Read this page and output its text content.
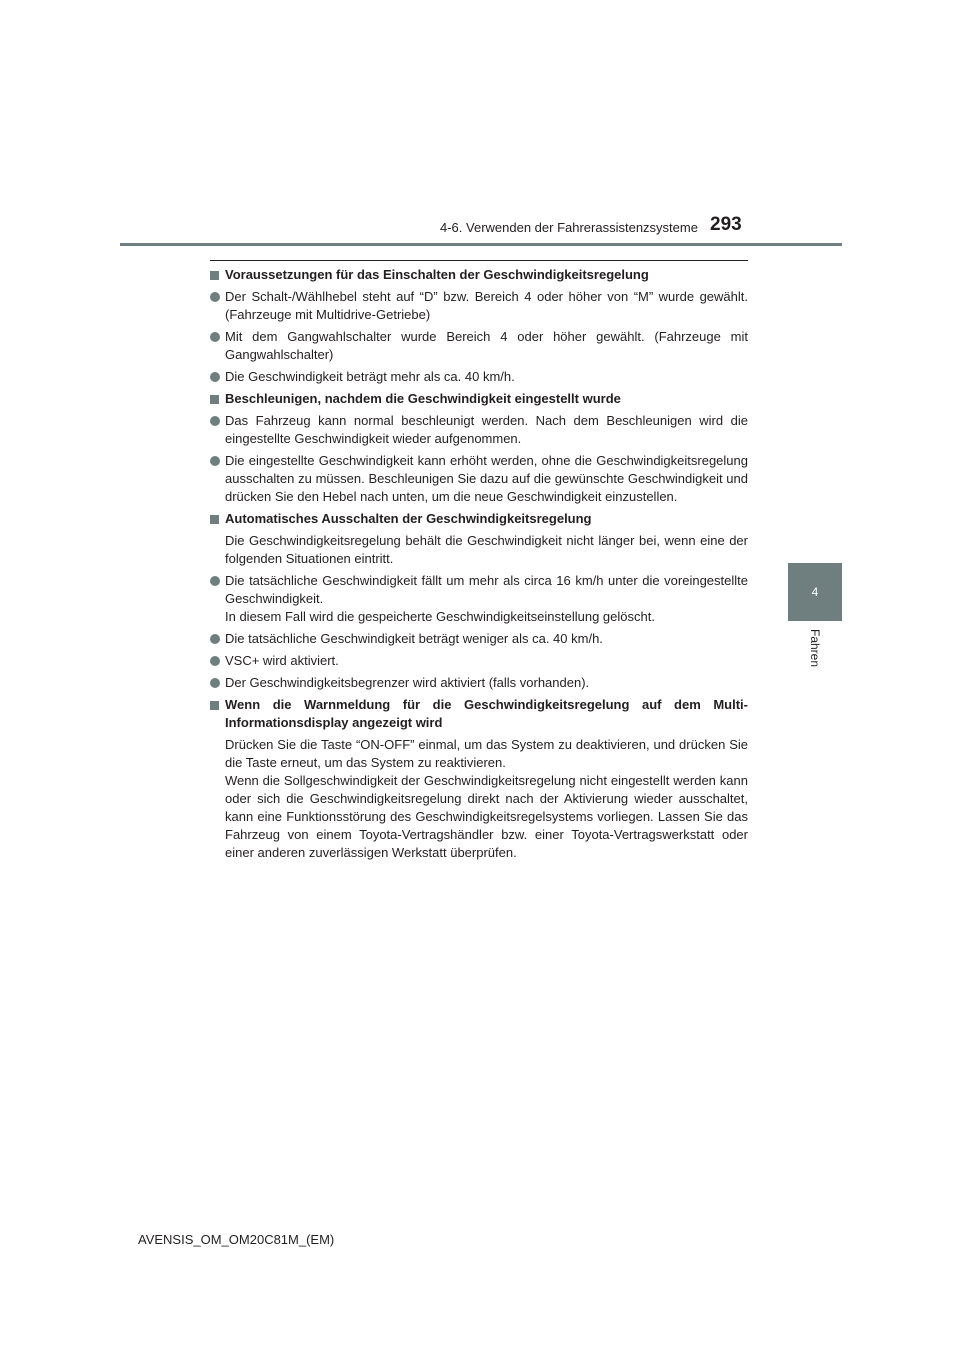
4-6. Verwenden der Fahrerassistenzsysteme 293
4
Fahren
Voraussetzungen für das Einschalten der Geschwindigkeitsregelung
Der Schalt-/Wählhebel steht auf “D” bzw. Bereich 4 oder höher von “M” wurde gewählt. (Fahrzeuge mit Multidrive-Getriebe)
Mit dem Gangwahlschalter wurde Bereich 4 oder höher gewählt. (Fahrzeuge mit Gangwahlschalter)
Die Geschwindigkeit beträgt mehr als ca. 40 km/h.
Beschleunigen, nachdem die Geschwindigkeit eingestellt wurde
Das Fahrzeug kann normal beschleunigt werden. Nach dem Beschleunigen wird die eingestellte Geschwindigkeit wieder aufgenommen.
Die eingestellte Geschwindigkeit kann erhöht werden, ohne die Geschwindigkeitsregelung ausschalten zu müssen. Beschleunigen Sie dazu auf die gewünschte Geschwindigkeit und drücken Sie den Hebel nach unten, um die neue Geschwindigkeit einzustellen.
Automatisches Ausschalten der Geschwindigkeitsregelung
Die Geschwindigkeitsregelung behält die Geschwindigkeit nicht länger bei, wenn eine der folgenden Situationen eintritt.
Die tatsächliche Geschwindigkeit fällt um mehr als circa 16 km/h unter die voreingestellte Geschwindigkeit.
In diesem Fall wird die gespeicherte Geschwindigkeitseinstellung gelöscht.
Die tatsächliche Geschwindigkeit beträgt weniger als ca. 40 km/h.
VSC+ wird aktiviert.
Der Geschwindigkeitsbegrenzer wird aktiviert (falls vorhanden).
Wenn die Warnmeldung für die Geschwindigkeitsregelung auf dem Multi-Informationsdisplay angezeigt wird
Drücken Sie die Taste “ON-OFF” einmal, um das System zu deaktivieren, und drücken Sie die Taste erneut, um das System zu reaktivieren.
Wenn die Sollgeschwindigkeit der Geschwindigkeitsregelung nicht eingestellt werden kann oder sich die Geschwindigkeitsregelung direkt nach der Aktivierung wieder ausschaltet, kann eine Funktionsstörung des Geschwindigkeitsregelsystems vorliegen. Lassen Sie das Fahrzeug von einem Toyota-Vertragshändler bzw. einer Toyota-Vertragswerkstatt oder einer anderen zuverlässigen Werkstatt überprüfen.
AVENSIS_OM_OM20C81M_(EM)
